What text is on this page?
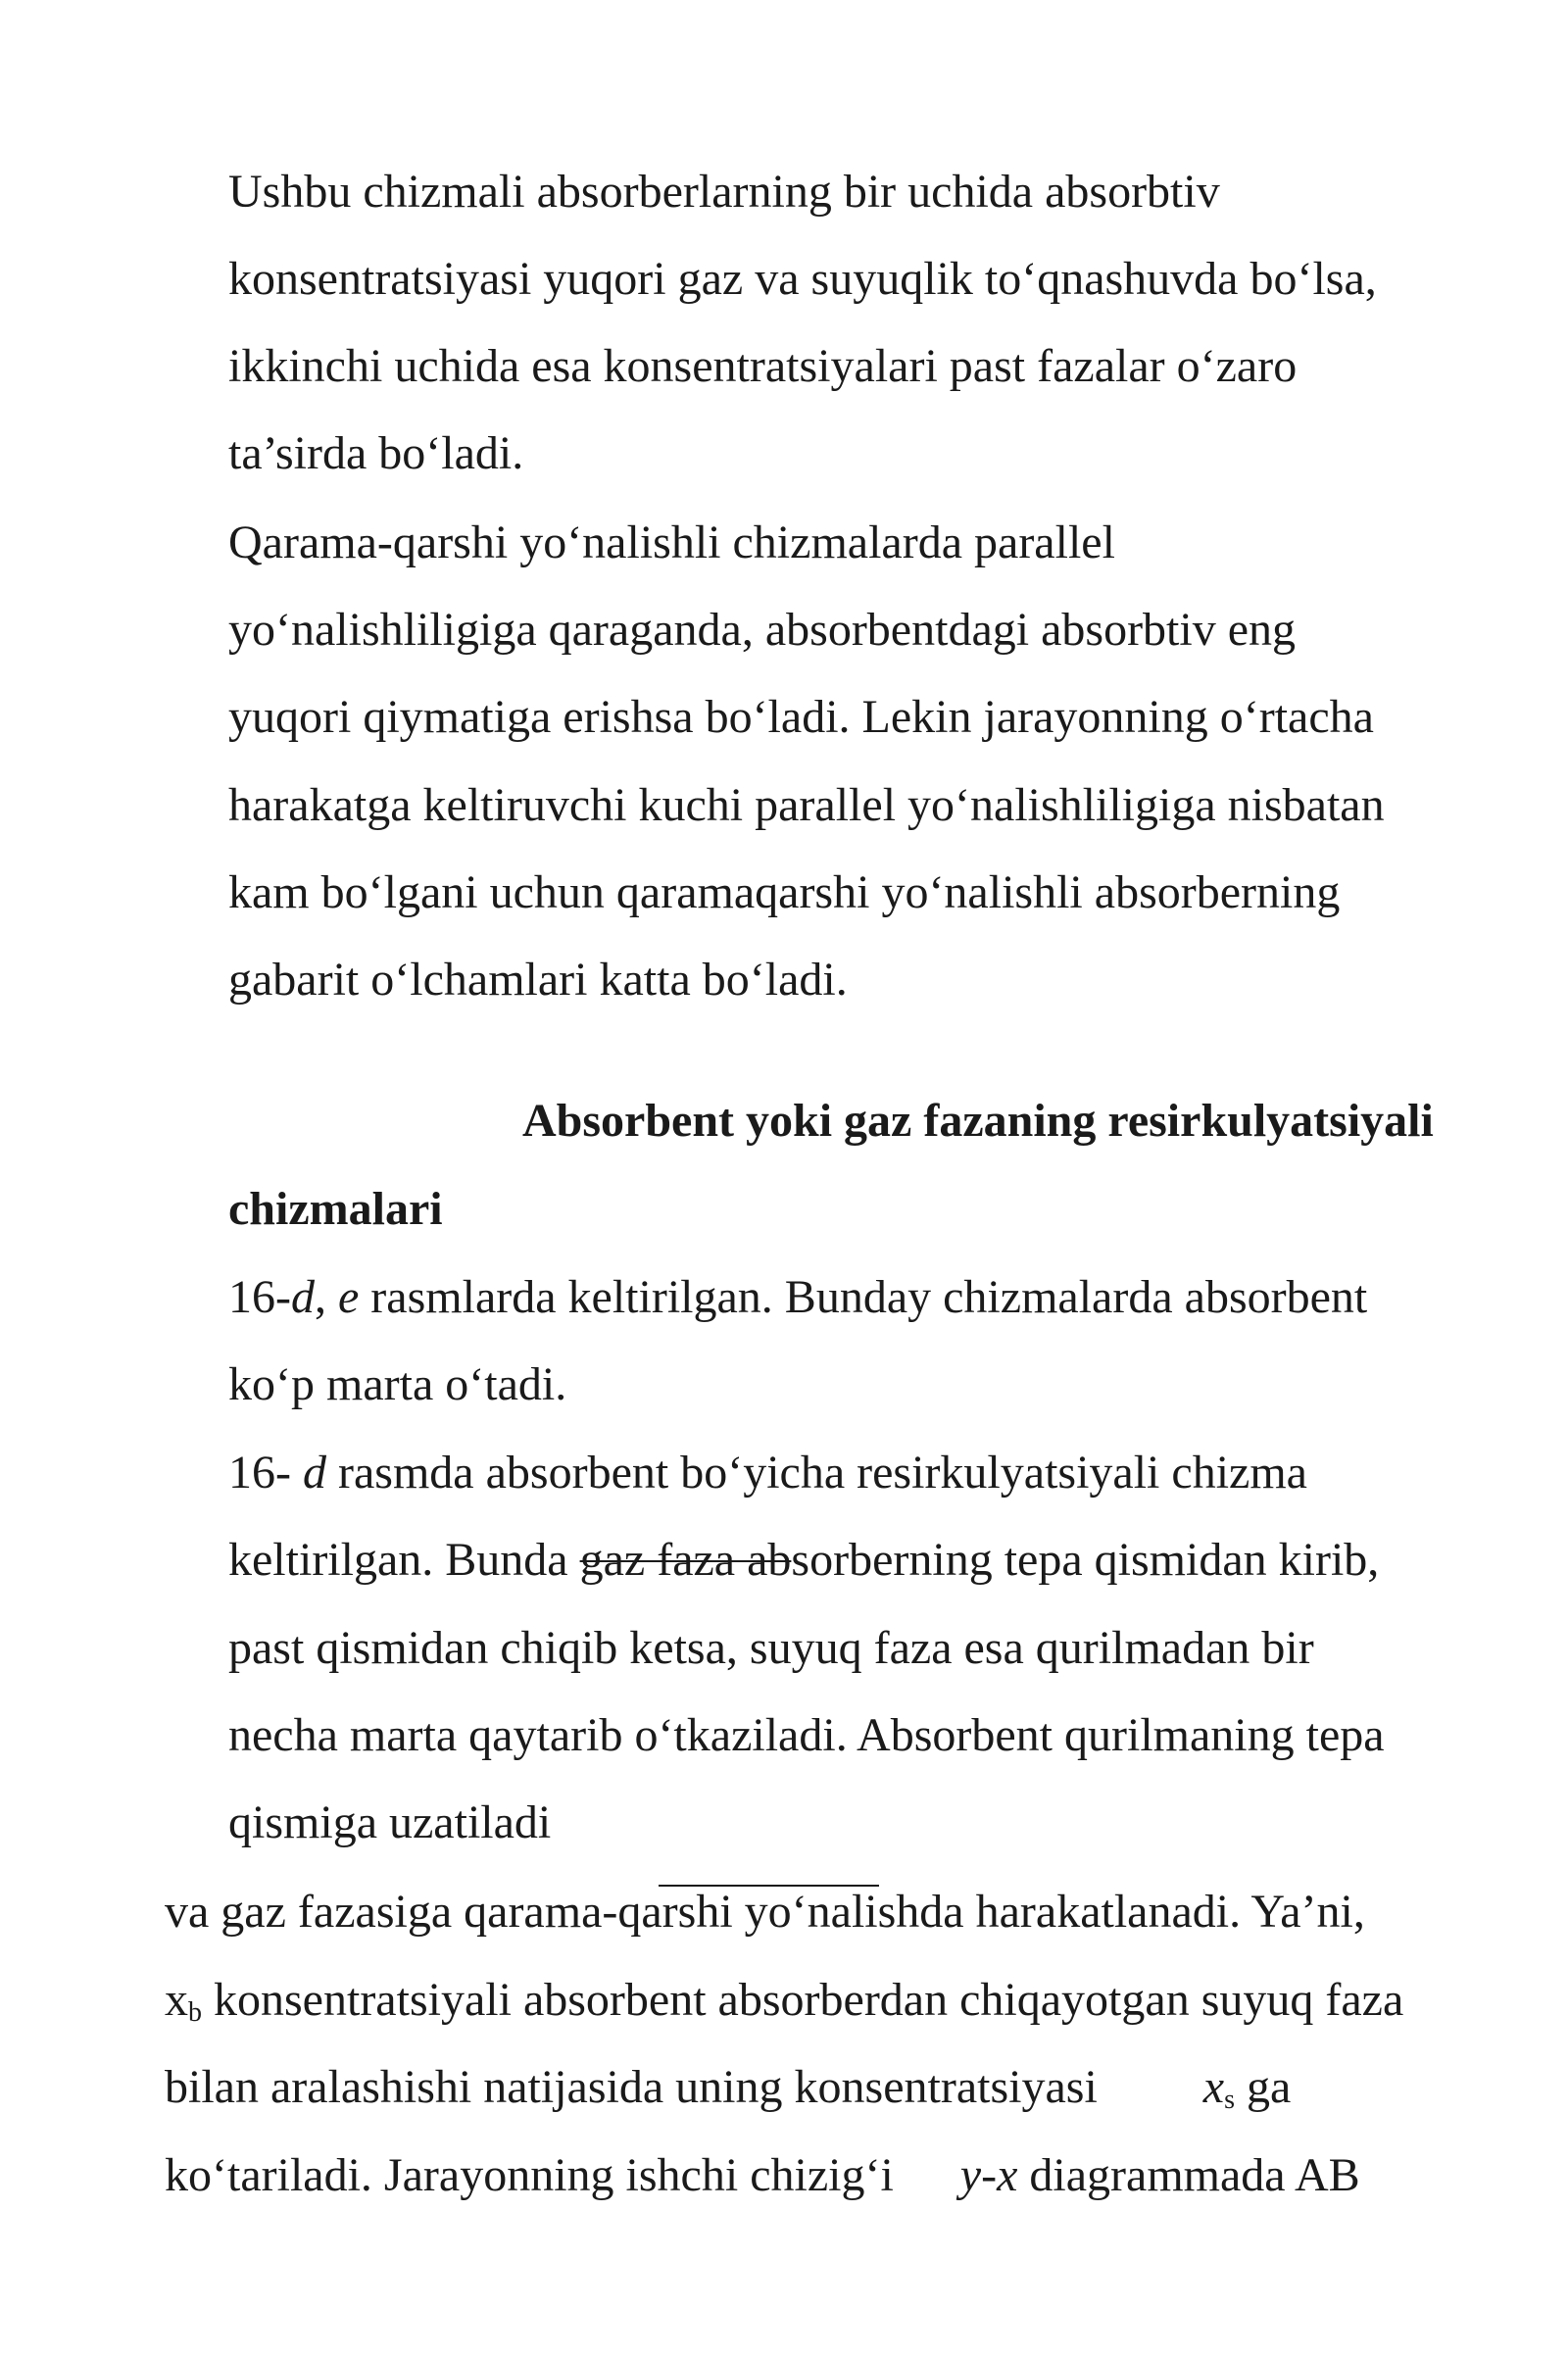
Ushbu chizmali absorberlarning bir uchida absorbtiv
konsentratsiyasi yuqori gaz va suyuqlik to‘qnashuvda bo‘lsa,
ikkinchi uchida esa konsentratsiyalari past fazalar o‘zaro
ta’sirda bo‘ladi.
Qarama-qarshi yo‘nalishli chizmalarda parallel
yo‘nalishliligiga qaraganda, absorbentdagi absorbtiv eng
yuqori qiymatiga erishsa bo‘ladi. Lekin jarayonning o‘rtacha
harakatga keltiruvchi kuchi parallel yo‘nalishliligiga nisbatan
kam bo‘lgani uchun qaramaqarshi yo‘nalishli absorberning
gabarit o‘lchamlari katta bo‘ladi.
Absorbent yoki gaz fazaning resirkulyatsiyali
chizmalari
16-d, e rasmlarda keltirilgan. Bunday chizmalarda absorbent
ko‘p marta o‘tadi.
16- d rasmda absorbent bo‘yicha resirkulyatsiyali chizma
keltirilgan. Bunda gaz faza absorberning tepa qismidan kirib,
past qismidan chiqib ketsa, suyuq faza esa qurilmadan bir
necha marta qaytarib o‘tkaziladi. Absorbent qurilmaning tepa
qismiga uzatiladi
va gaz fazasiga qarama-qarshi yo‘nalishda harakatlanadi. Ya’ni,
$x_b$ konsentratsiyali absorbent absorberdan chiqayotgan suyuq faza
bilan aralashishi natijasida uning konsentratsiyasi $x_s$ ga
ko‘tariladi. Jarayonning ishchi chizig‘i y-x diagrammada AB
